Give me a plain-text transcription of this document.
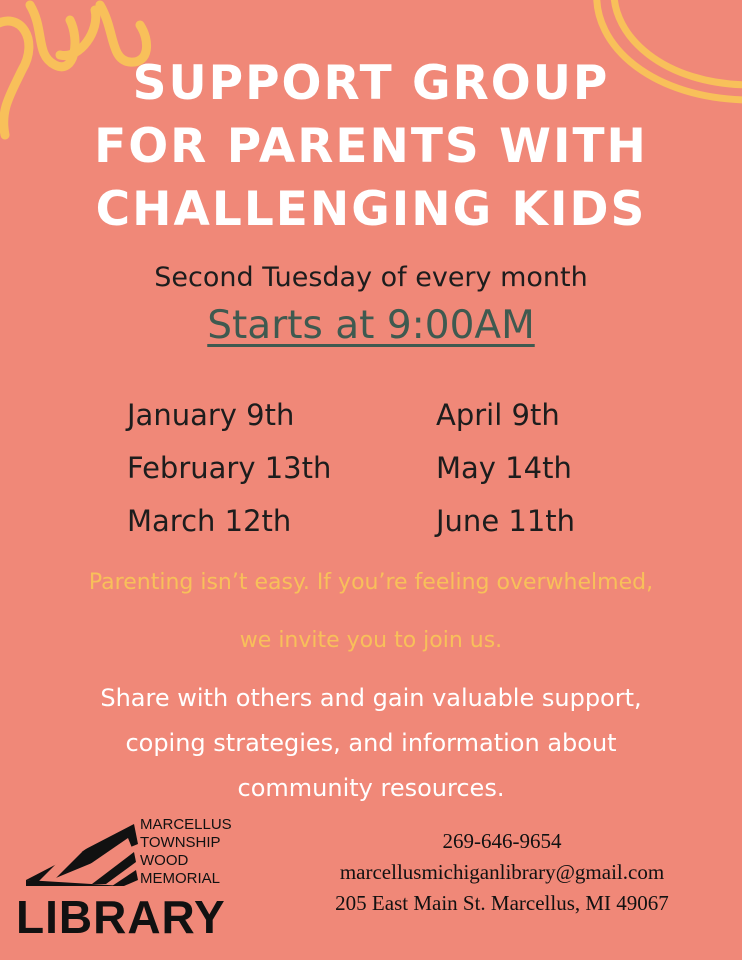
SUPPORT GROUP
FOR PARENTS WITH
CHALLENGING KIDS
Second Tuesday of every month
Starts at 9:00AM
January 9th
February 13th
March 12th
April 9th
May 14th
June 11th
Parenting isn’t easy. If you’re feeling overwhelmed,
we invite you to join us.
Share with others and gain valuable support,
coping strategies, and information about
community resources.
MARCELLUS
TOWNSHIP
WOOD
MEMORIAL
LIBRARY
269-646-9654
marcellusmichiganlibrary@gmail.com
205 East Main St. Marcellus, MI 49067
